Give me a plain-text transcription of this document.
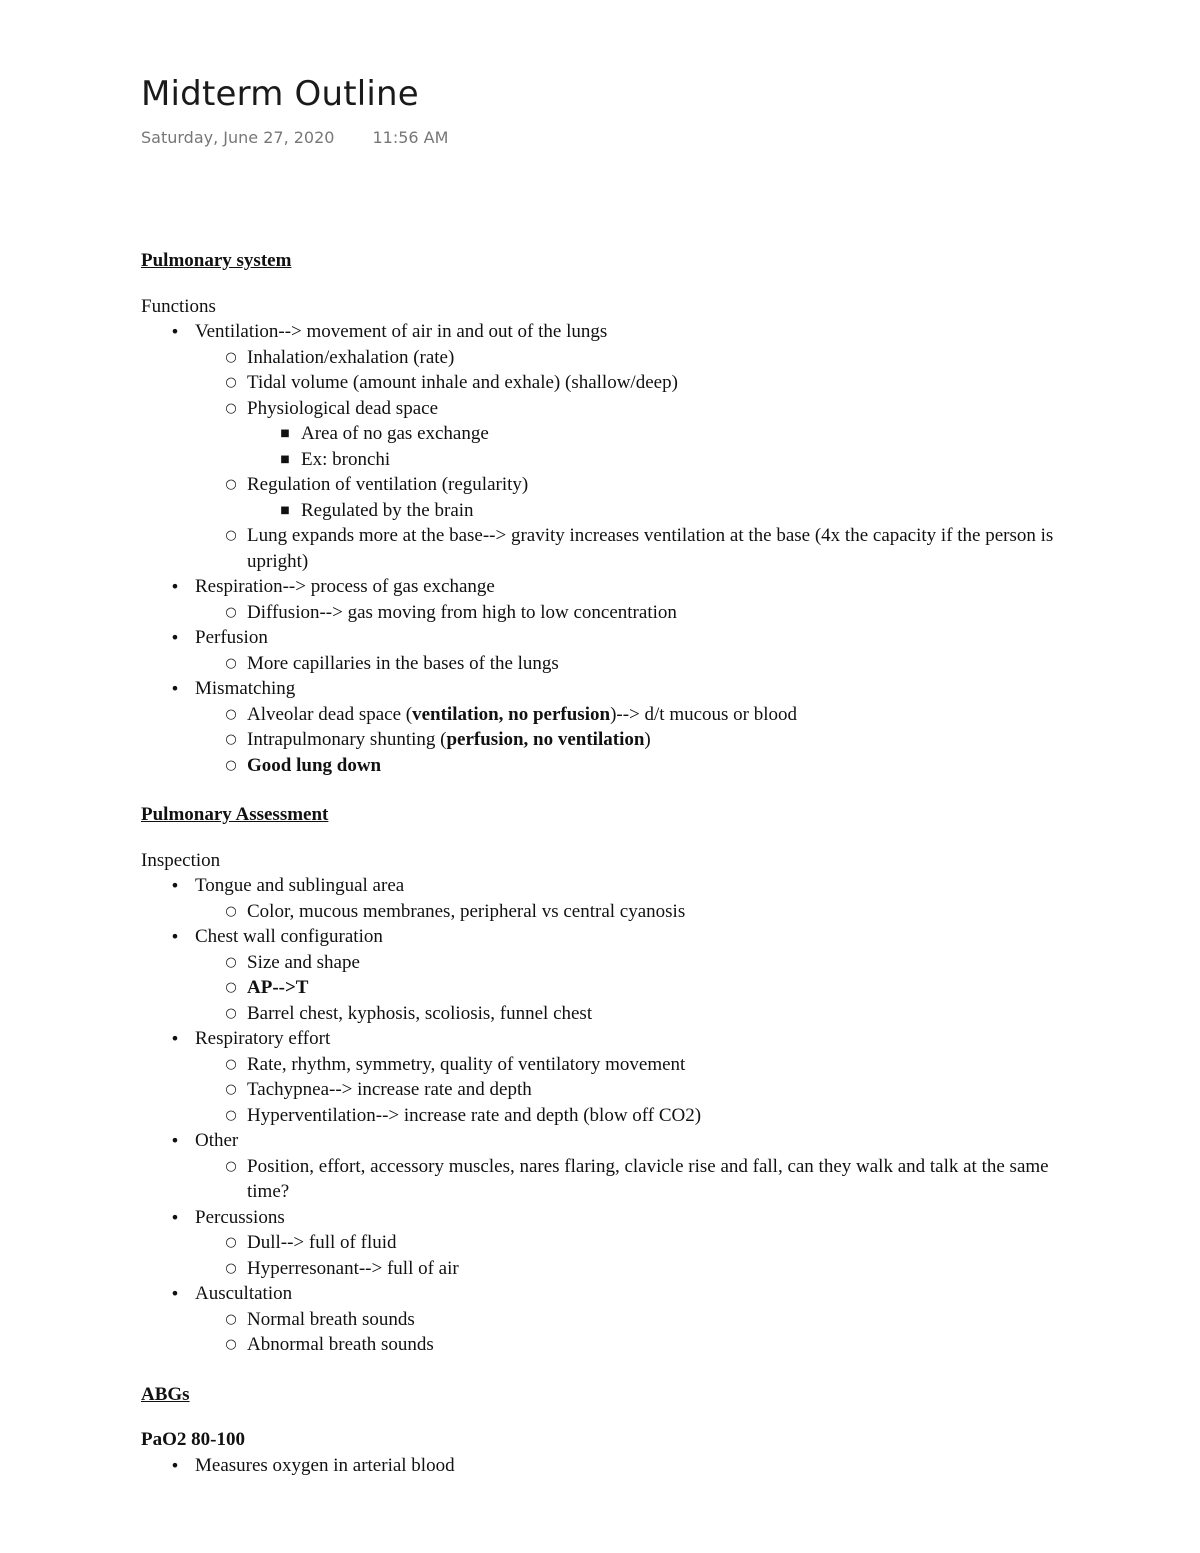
Midterm Outline
Saturday, June 27, 2020 11:56 AM

Pulmonary system

Functions

• Ventilation--> movement of air in and out of the lungs
○ Inhalation/exhalation (rate)
○ Tidal volume (amount inhale and exhale) (shallow/deep)
○ Physiological dead space
■ Area of no gas exchange
■ Ex: bronchi
○ Regulation of ventilation (regularity)
■ Regulated by the brain
○ Lung expands more at the base--> gravity increases ventilation at the base (4x the capacity if the person is upright)
• Respiration--> process of gas exchange
○ Diffusion--> gas moving from high to low concentration
• Perfusion
○ More capillaries in the bases of the lungs
• Mismatching
○ Alveolar dead space (ventilation, no perfusion)--> d/t mucous or blood
○ Intrapulmonary shunting (perfusion, no ventilation)
○ Good lung down

Pulmonary Assessment

Inspection

• Tongue and sublingual area
○ Color, mucous membranes, peripheral vs central cyanosis
• Chest wall configuration
○ Size and shape
○ AP-->T
○ Barrel chest, kyphosis, scoliosis, funnel chest
• Respiratory effort
○ Rate, rhythm, symmetry, quality of ventilatory movement
○ Tachypnea--> increase rate and depth
○ Hyperventilation--> increase rate and depth (blow off CO2)
• Other
○ Position, effort, accessory muscles, nares flaring, clavicle rise and fall, can they walk and talk at the same time?
• Percussions
○ Dull--> full of fluid
○ Hyperresonant--> full of air
• Auscultation
○ Normal breath sounds
○ Abnormal breath sounds

ABGs

PaO2 80-100

• Measures oxygen in arterial blood
